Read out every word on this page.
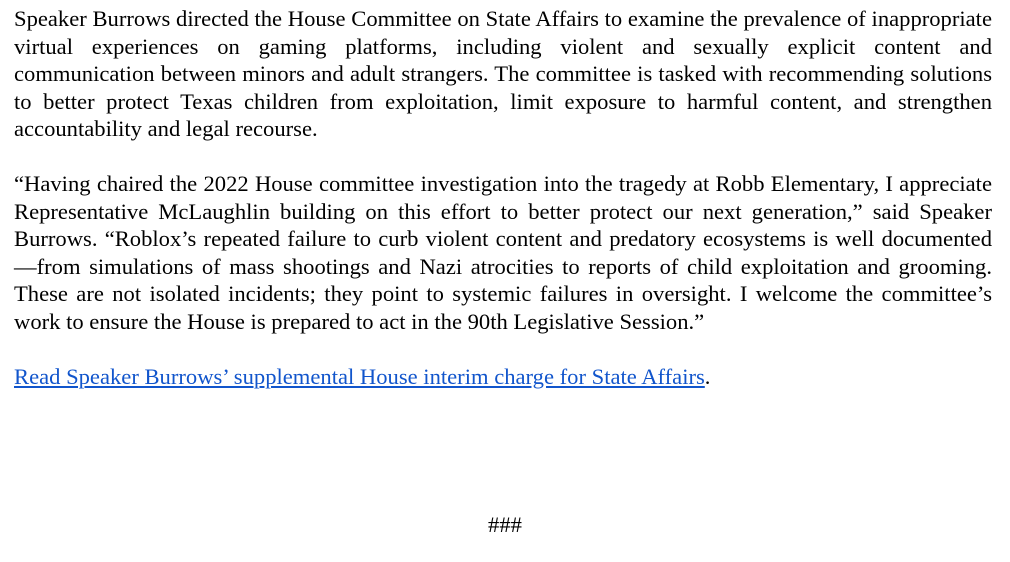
Speaker Burrows directed the House Committee on State Affairs to examine the prevalence of inappropriate virtual experiences on gaming platforms, including violent and sexually explicit content and communication between minors and adult strangers. The committee is tasked with recommending solutions to better protect Texas children from exploitation, limit exposure to harmful content, and strengthen accountability and legal recourse.

“Having chaired the 2022 House committee investigation into the tragedy at Robb Elementary, I appreciate Representative McLaughlin building on this effort to better protect our next generation,” said Speaker Burrows. “Roblox’s repeated failure to curb violent content and predatory ecosystems is well documented—from simulations of mass shootings and Nazi atrocities to reports of child exploitation and grooming. These are not isolated incidents; they point to systemic failures in oversight. I welcome the committee’s work to ensure the House is prepared to act in the 90th Legislative Session.”

Read Speaker Burrows’ supplemental House interim charge for State Affairs.

###
